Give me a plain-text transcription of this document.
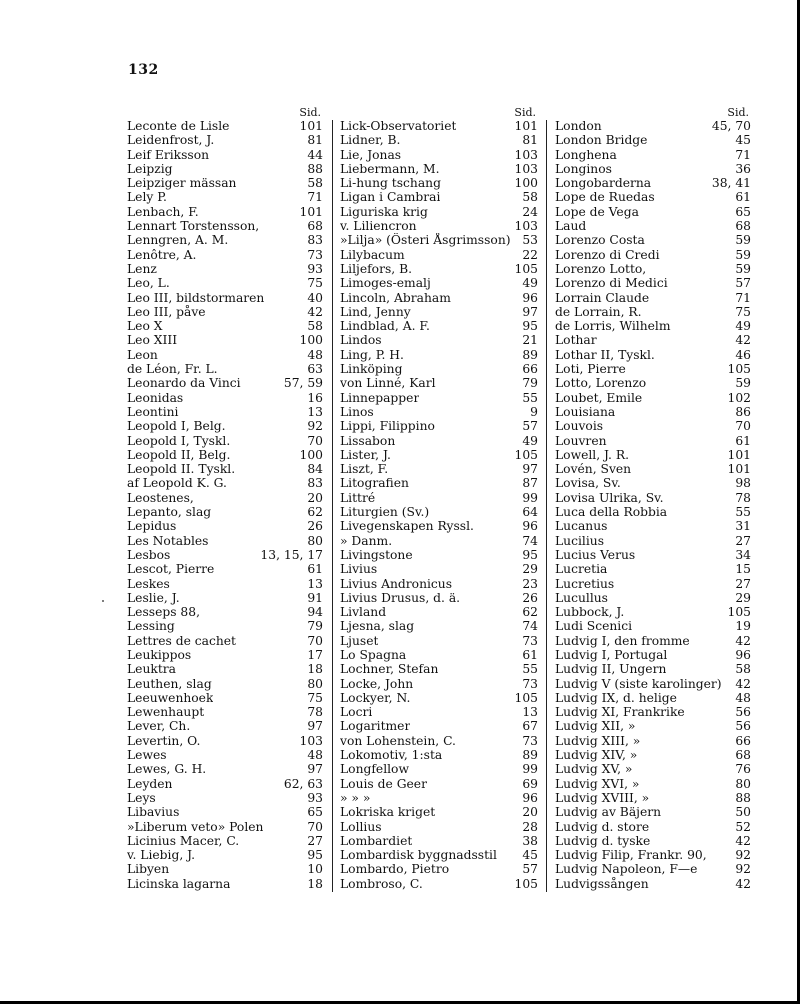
132
Sid.
Leconte de Lisle	101
Leidenfrost, J.	81
Leif Eriksson	44
Leipzig	88
Leipziger mässan	58
Lely P.	71
Lenbach, F.	101
Lennart Torstensson,	68
Lenngren, A. M.	83
Lenôtre, A.	73
Lenz	93
Leo, L.	75
Leo III, bildstormaren	40
Leo III, påve	42
Leo X	58
Leo XIII	100
Leon	48
de Léon, Fr. L.	63
Leonardo da Vinci	57, 59
Leonidas	16
Leontini	13
Leopold I, Belg.	92
Leopold I, Tyskl.	70
Leopold II, Belg.	100
Leopold II. Tyskl.	84
af Leopold K. G.	83
Leostenes,	20
Lepanto, slag	62
Lepidus	26
Les Notables	80
Lesbos	13, 15, 17
Lescot, Pierre	61
Leskes	13
Leslie, J.	91
Lesseps 88,	94
Lessing	79
Lettres de cachet	70
Leukippos	17
Leuktra	18
Leuthen, slag	80
Leeuwenhoek	75
Lewenhaupt	78
Lever, Ch.	97
Levertin, O.	103
Lewes	48
Lewes, G. H.	97
Leyden	62, 63
Leys	93
Libavius	65
»Liberum veto» Polen	70
Licinius Macer, C.	27
v. Liebig, J.	95
Libyen	10
Licinska lagarna	18
Sid.
Lick-Observatoriet	101
Lidner, B.	81
Lie, Jonas	103
Liebermann, M.	103
Li-hung tschang	100
Ligan i Cambrai	58
Liguriska krig	24
v. Liliencron	103
»Lilja» (Österi Åsgrimsson) 53
Lilybacum	22
Liljefors, B.	105
Limoges-emalj	49
Lincoln, Abraham	96
Lind, Jenny	97
Lindblad, A. F.	95
Lindos	21
Ling, P. H.	89
Linköping	66
von Linné, Karl	79
Linnepapper	55
Linos	9
Lippi, Filippino	57
Lissabon	49
Lister, J.	105
Liszt, F.	97
Litografien	87
Littré	99
Liturgien (Sv.)	64
Livegenskapen Ryssl.	96
» Danm.	74
Livingstone	95
Livius	29
Livius Andronicus	23
Livius Drusus, d. ä.	26
Livland	62
Ljesna, slag	74
Ljuset	73
Lo Spagna	61
Lochner, Stefan	55
Locke, John	73
Lockyer, N.	105
Locri	13
Logaritmer	67
von Lohenstein, C.	73
Lokomotiv, 1:sta	89
Longfellow	99
Louis de Geer	69
» » »	96
Lokriska kriget	20
Lollius	28
Lombardiet	38
Lombardisk byggnadsstil	45
Lombardo, Pietro	57
Lombroso, C.	105
Sid.
London	45, 70
London Bridge	45
Longhena	71
Longinos	36
Longobarderna	38, 41
Lope de Ruedas	61
Lope de Vega	65
Laud	68
Lorenzo Costa	59
Lorenzo di Credi	59
Lorenzo Lotto,	59
Lorenzo di Medici	57
Lorrain Claude	71
de Lorrain, R.	75
de Lorris, Wilhelm	49
Lothar	42
Lothar II, Tyskl.	46
Loti, Pierre	105
Lotto, Lorenzo	59
Loubet, Emile	102
Louisiana	86
Louvois	70
Louvren	61
Lowell, J. R.	101
Lovén, Sven	101
Lovisa, Sv.	98
Lovisa Ulrika, Sv.	78
Luca della Robbia	55
Lucanus	31
Lucilius	27
Lucius Verus	34
Lucretia	15
Lucretius	27
Lucullus	29
Lubbock, J.	105
Ludi Scenici	19
Ludvig I, den fromme	42
Ludvig I, Portugal	96
Ludvig II, Ungern	58
Ludvig V (siste karolinger)	42
Ludvig IX, d. helige	48
Ludvig XI, Frankrike	56
Ludvig XII, »	56
Ludvig XIII, »	66
Ludvig XIV, »	68
Ludvig XV, »	76
Ludvig XVI, »	80
Ludvig XVIII, »	88
Ludvig av Bäjern	50
Ludvig d. store	52
Ludvig d. tyske	42
Ludvig Filip, Frankr. 90,	92
Ludvig Napoleon, F—e	92
Ludvigssången	42
